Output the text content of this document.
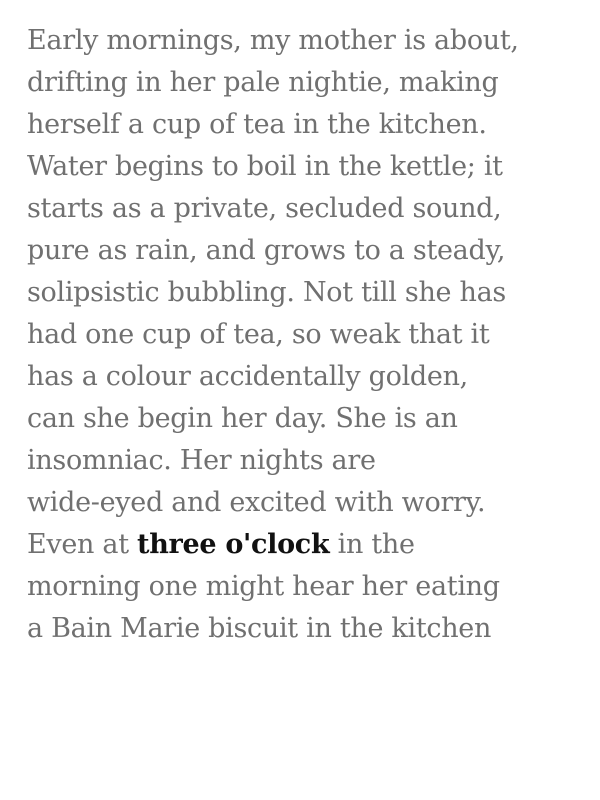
Early mornings, my mother is about,
drifting in her pale nightie, making
herself a cup of tea in the kitchen.
Water begins to boil in the kettle; it
starts as a private, secluded sound,
pure as rain, and grows to a steady,
solipsistic bubbling. Not till she has
had one cup of tea, so weak that it
has a colour accidentally golden,
can she begin her day. She is an
insomniac. Her nights are
wide-eyed and excited with worry.
Even at three o'clock in the
morning one might hear her eating
a Bain Marie biscuit in the kitchen
